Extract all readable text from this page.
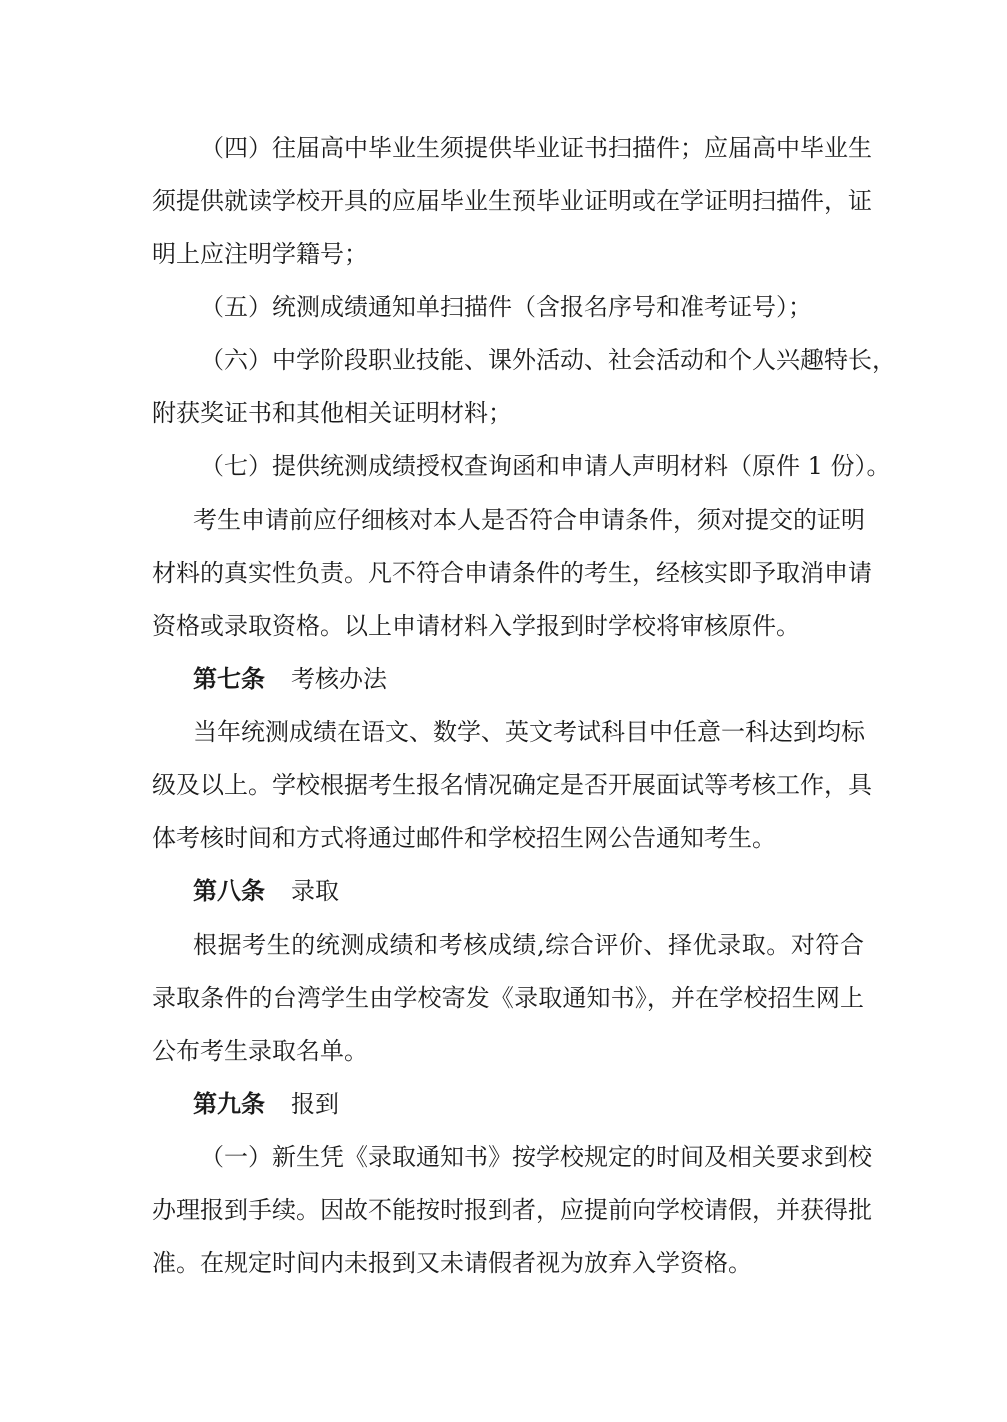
（四）往届高中毕业生须提供毕业证书扫描件；应届高中毕业生
须提供就读学校开具的应届毕业生预毕业证明或在学证明扫描件，证
明上应注明学籍号；
（五）统测成绩通知单扫描件（含报名序号和准考证号）；
（六）中学阶段职业技能、课外活动、社会活动和个人兴趣特长，
附获奖证书和其他相关证明材料；
（七）提供统测成绩授权查询函和申请人声明材料（原件 1 份）。
考生申请前应仔细核对本人是否符合申请条件，须对提交的证明
材料的真实性负责。凡不符合申请条件的考生，经核实即予取消申请
资格或录取资格。以上申请材料入学报到时学校将审核原件。
第七条 考核办法
当年统测成绩在语文、数学、英文考试科目中任意一科达到均标
级及以上。学校根据考生报名情况确定是否开展面试等考核工作，具
体考核时间和方式将通过邮件和学校招生网公告通知考生。
第八条 录取
根据考生的统测成绩和考核成绩,综合评价、择优录取。对符合
录取条件的台湾学生由学校寄发《录取通知书》，并在学校招生网上
公布考生录取名单。
第九条 报到
（一）新生凭《录取通知书》按学校规定的时间及相关要求到校
办理报到手续。因故不能按时报到者，应提前向学校请假，并获得批
准。在规定时间内未报到又未请假者视为放弃入学资格。
